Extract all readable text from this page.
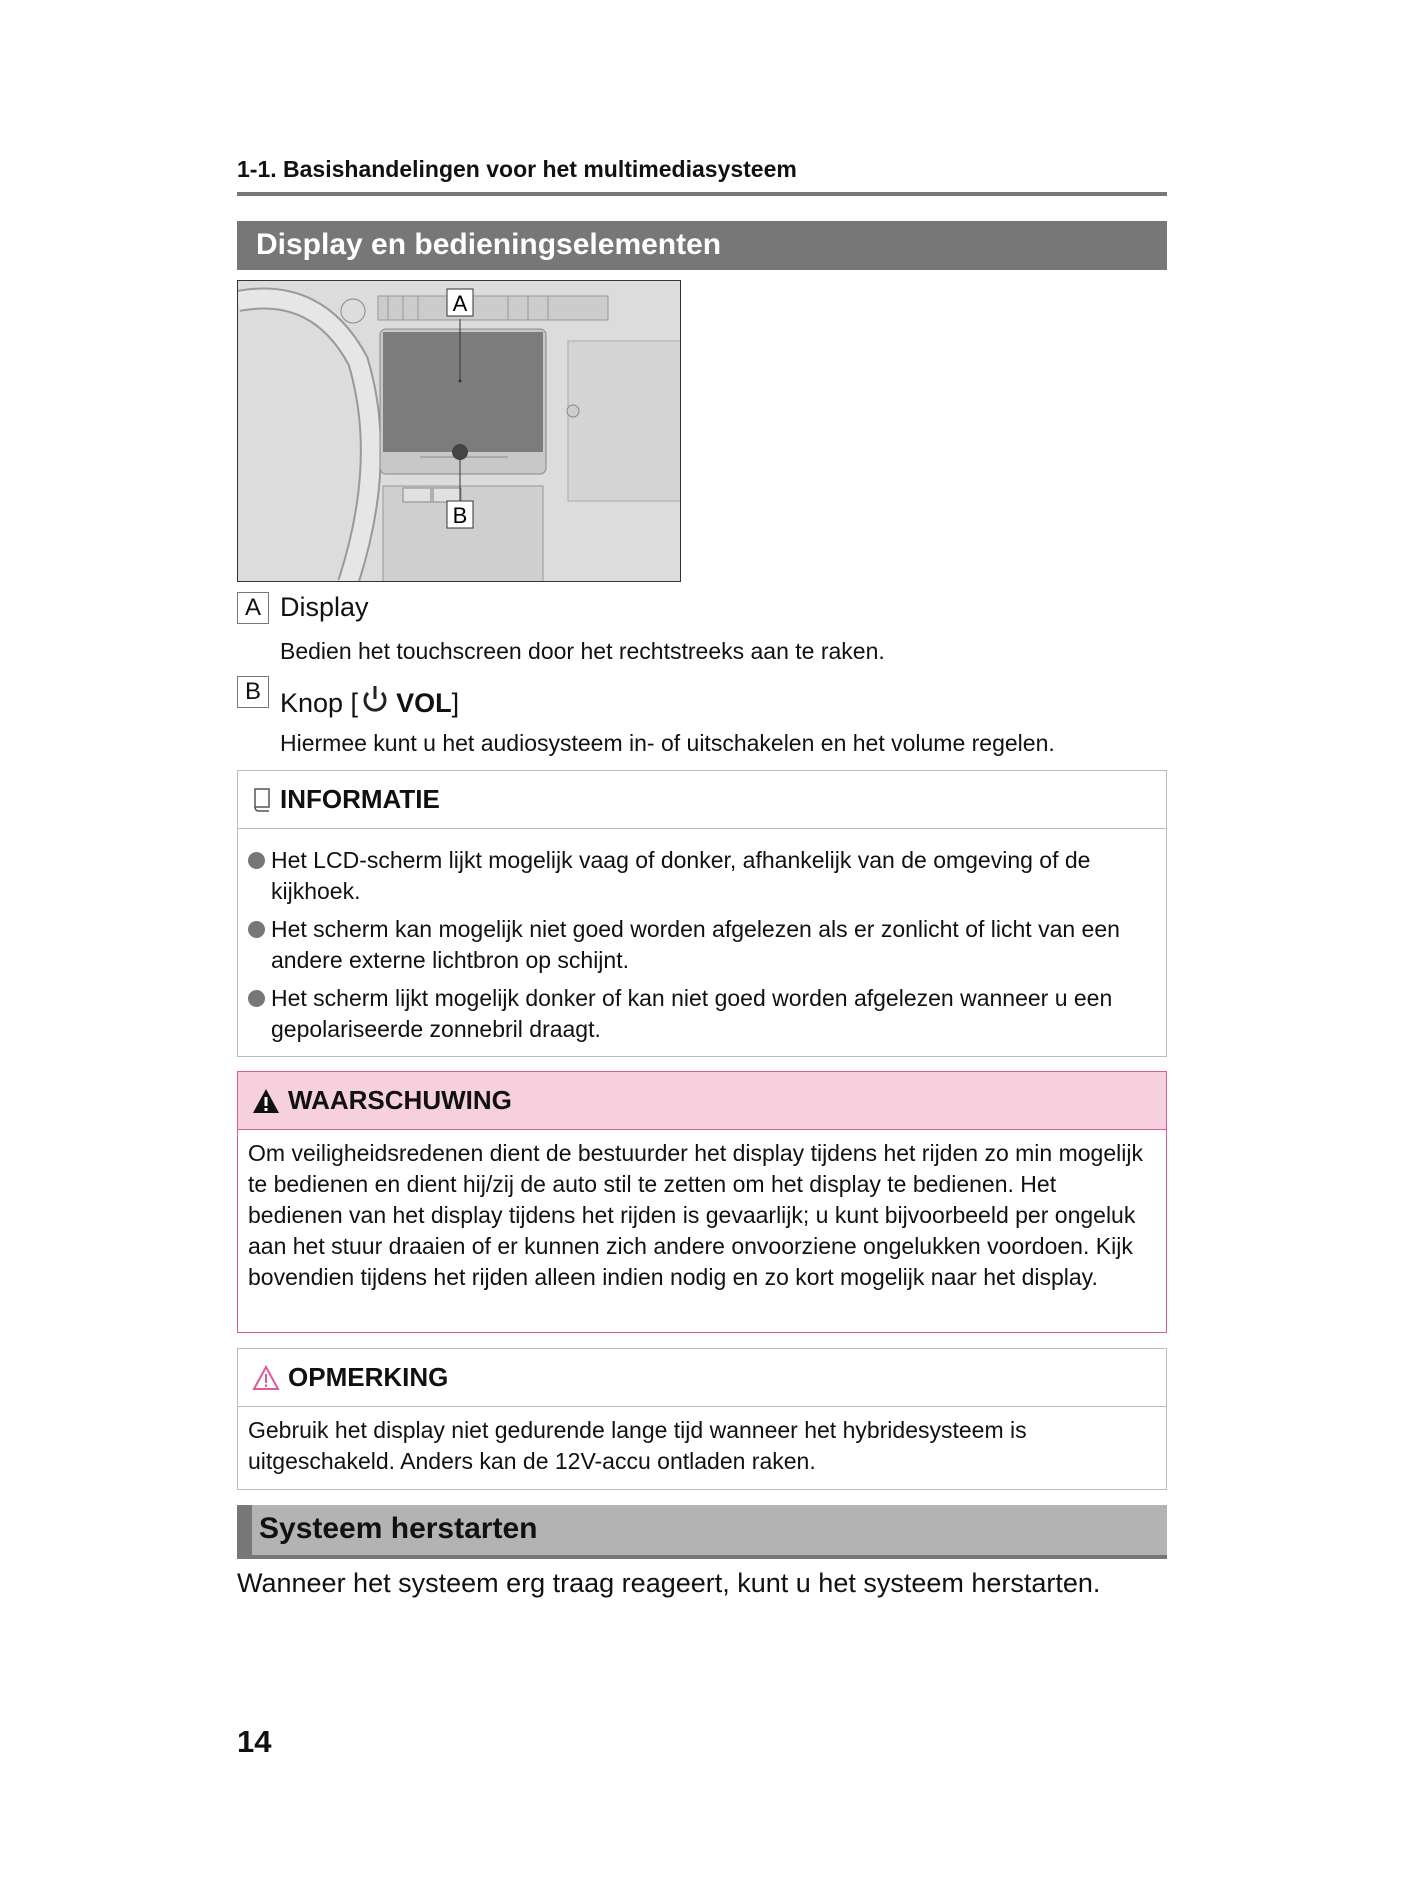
1-1. Basishandelingen voor het multimediasysteem
Display en bedieningselementen
A
B
A Display
Bedien het touchscreen door het rechtstreeks aan te raken.
B Knop [ VOL ]
Hiermee kunt u het audiosysteem in- of uitschakelen en het volume regelen.
INFORMATIE
Het LCD-scherm lijkt mogelijk vaag of donker, afhankelijk van de omgeving of de kijkhoek.
Het scherm kan mogelijk niet goed worden afgelezen als er zonlicht of licht van een andere externe lichtbron op schijnt.
Het scherm lijkt mogelijk donker of kan niet goed worden afgelezen wanneer u een gepolariseerde zonnebril draagt.
WAARSCHUWING
Om veiligheidsredenen dient de bestuurder het display tijdens het rijden zo min mogelijk te bedienen en dient hij/zij de auto stil te zetten om het display te bedienen. Het bedienen van het display tijdens het rijden is gevaarlijk; u kunt bijvoorbeeld per ongeluk aan het stuur draaien of er kunnen zich andere onvoorziene ongelukken voordoen. Kijk bovendien tijdens het rijden alleen indien nodig en zo kort mogelijk naar het display.
OPMERKING
Gebruik het display niet gedurende lange tijd wanneer het hybridesysteem is uitgeschakeld. Anders kan de 12V-accu ontladen raken.
Systeem herstarten
Wanneer het systeem erg traag reageert, kunt u het systeem herstarten.
14
